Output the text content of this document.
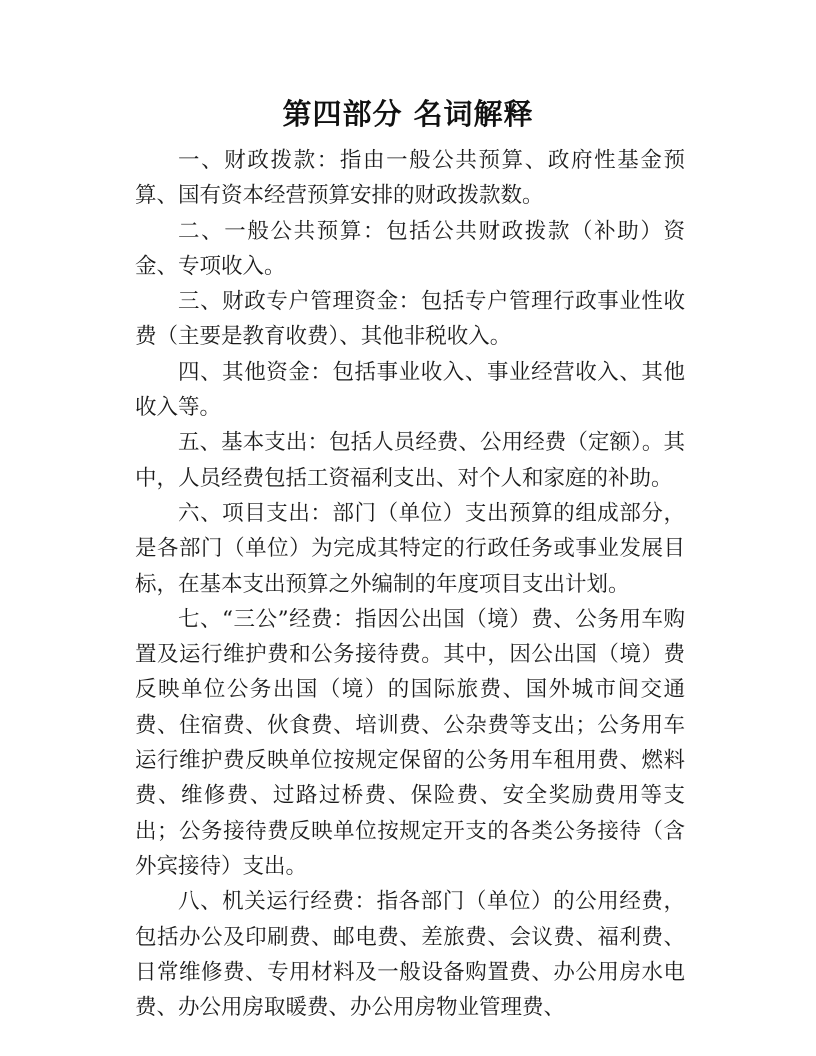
第四部分 名词解释

一、财政拨款：指由一般公共预算、政府性基金预算、国有资本经营预算安排的财政拨款数。

二、一般公共预算：包括公共财政拨款（补助）资金、专项收入。

三、财政专户管理资金：包括专户管理行政事业性收费（主要是教育收费）、其他非税收入。

四、其他资金：包括事业收入、事业经营收入、其他收入等。

五、基本支出：包括人员经费、公用经费（定额）。其中，人员经费包括工资福利支出、对个人和家庭的补助。

六、项目支出：部门（单位）支出预算的组成部分，是各部门（单位）为完成其特定的行政任务或事业发展目标，在基本支出预算之外编制的年度项目支出计划。

七、“三公”经费：指因公出国（境）费、公务用车购置及运行维护费和公务接待费。其中，因公出国（境）费反映单位公务出国（境）的国际旅费、国外城市间交通费、住宿费、伙食费、培训费、公杂费等支出；公务用车运行维护费反映单位按规定保留的公务用车租用费、燃料费、维修费、过路过桥费、保险费、安全奖励费用等支出；公务接待费反映单位按规定开支的各类公务接待（含外宾接待）支出。

八、机关运行经费：指各部门（单位）的公用经费，包括办公及印刷费、邮电费、差旅费、会议费、福利费、日常维修费、专用材料及一般设备购置费、办公用房水电费、办公用房取暖费、办公用房物业管理费、
